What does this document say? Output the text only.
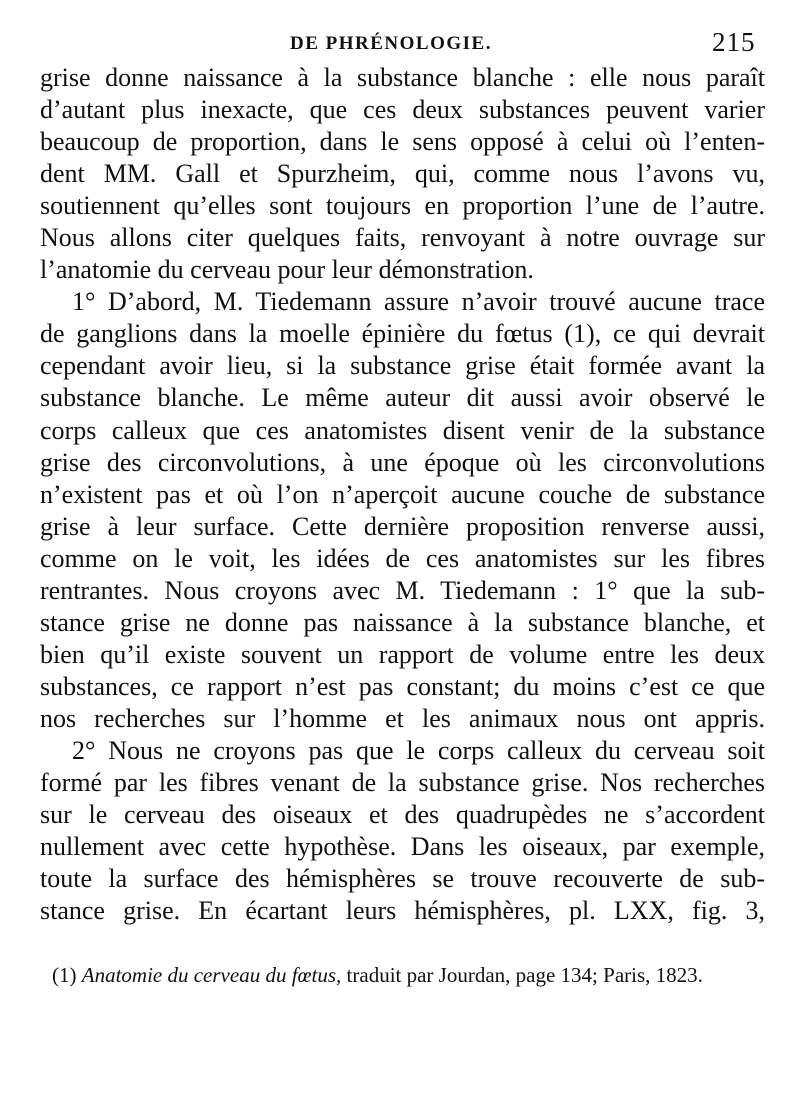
DE PHRÉNOLOGIE.	215
grise donne naissance à la substance blanche : elle nous paraît
d’autant plus inexacte, que ces deux substances peuvent varier
beaucoup de proportion, dans le sens opposé à celui où l’enten-
dent MM. Gall et Spurzheim, qui, comme nous l’avons vu,
soutiennent qu’elles sont toujours en proportion l’une de l’autre.
Nous allons citer quelques faits, renvoyant à notre ouvrage sur
l’anatomie du cerveau pour leur démonstration.
1° D’abord, M. Tiedemann assure n’avoir trouvé aucune trace
de ganglions dans la moelle épinière du fœtus (1), ce qui devrait
cependant avoir lieu, si la substance grise était formée avant la
substance blanche. Le même auteur dit aussi avoir observé le
corps calleux que ces anatomistes disent venir de la substance
grise des circonvolutions, à une époque où les circonvolutions
n’existent pas et où l’on n’aperçoit aucune couche de substance
grise à leur surface. Cette dernière proposition renverse aussi,
comme on le voit, les idées de ces anatomistes sur les fibres
rentrantes. Nous croyons avec M. Tiedemann : 1° que la sub-
stance grise ne donne pas naissance à la substance blanche, et
bien qu’il existe souvent un rapport de volume entre les deux
substances, ce rapport n’est pas constant; du moins c’est ce que
nos recherches sur l’homme et les animaux nous ont appris.
2° Nous ne croyons pas que le corps calleux du cerveau soit
formé par les fibres venant de la substance grise. Nos recherches
sur le cerveau des oiseaux et des quadrupèdes ne s’accordent
nullement avec cette hypothèse. Dans les oiseaux, par exemple,
toute la surface des hémisphères se trouve recouverte de sub-
stance grise. En écartant leurs hémisphères, pl. LXX, fig. 3,
(1) Anatomie du cerveau du fœtus, traduit par Jourdan, page 134; Paris, 1823.
